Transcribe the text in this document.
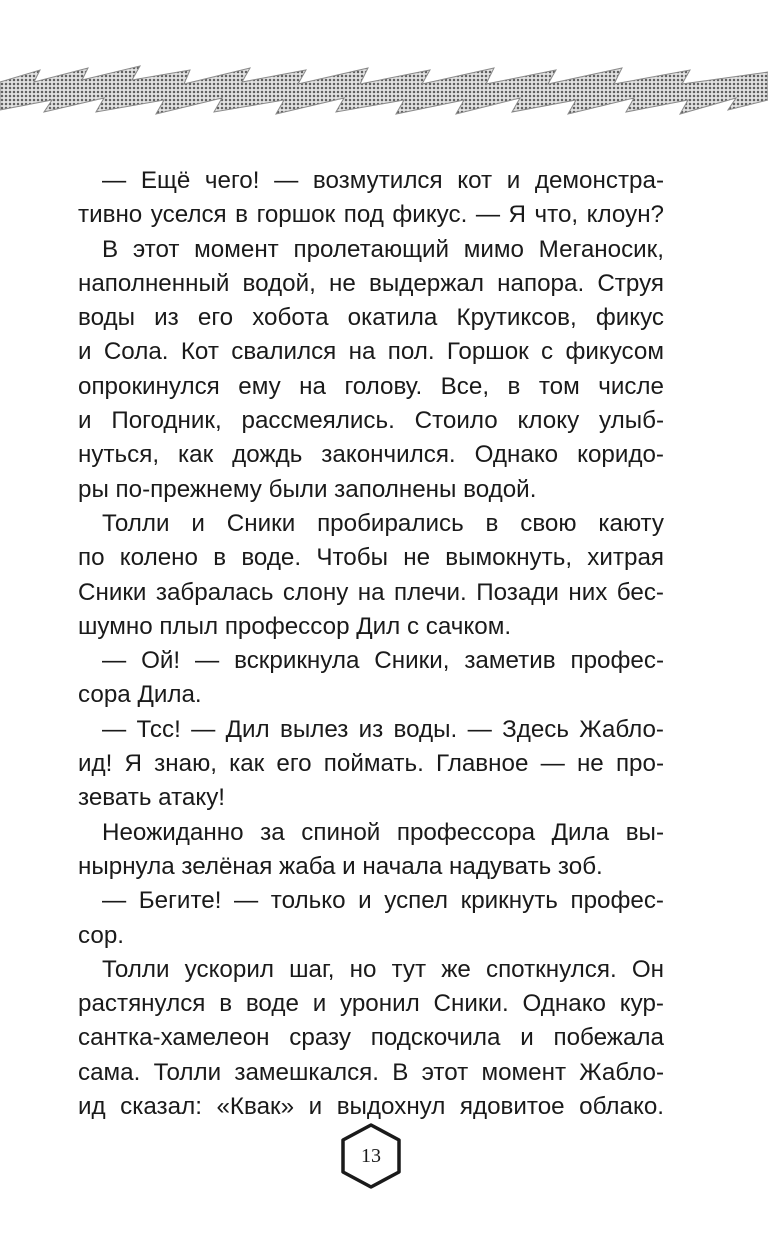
— Ещё чего! — возмутился кот и демонстра-
тивно уселся в горшок под фикус. — Я что, клоун?
В этот момент пролетающий мимо Меганосик,
наполненный водой, не выдержал напора. Струя
воды из его хобота окатила Крутиксов, фикус
и Сола. Кот свалился на пол. Горшок с фикусом
опрокинулся ему на голову. Все, в том числе
и Погодник, рассмеялись. Стоило клоку улыб-
нуться, как дождь закончился. Однако коридо-
ры по-прежнему были заполнены водой.
Толли и Сники пробирались в свою каюту
по колено в воде. Чтобы не вымокнуть, хитрая
Сники забралась слону на плечи. Позади них бес-
шумно плыл профессор Дил с сачком.
— Ой! — вскрикнула Сники, заметив профес-
сора Дила.
— Тсс! — Дил вылез из воды. — Здесь Жабло-
ид! Я знаю, как его поймать. Главное — не про-
зевать атаку!
Неожиданно за спиной профессора Дила вы-
нырнула зелёная жаба и начала надувать зоб.
— Бегите! — только и успел крикнуть профес-
сор.
Толли ускорил шаг, но тут же споткнулся. Он
растянулся в воде и уронил Сники. Однако кур-
сантка-хамелеон сразу подскочила и побежала
сама. Толли замешкался. В этот момент Жабло-
ид сказал: «Квак» и выдохнул ядовитое облако.
13
